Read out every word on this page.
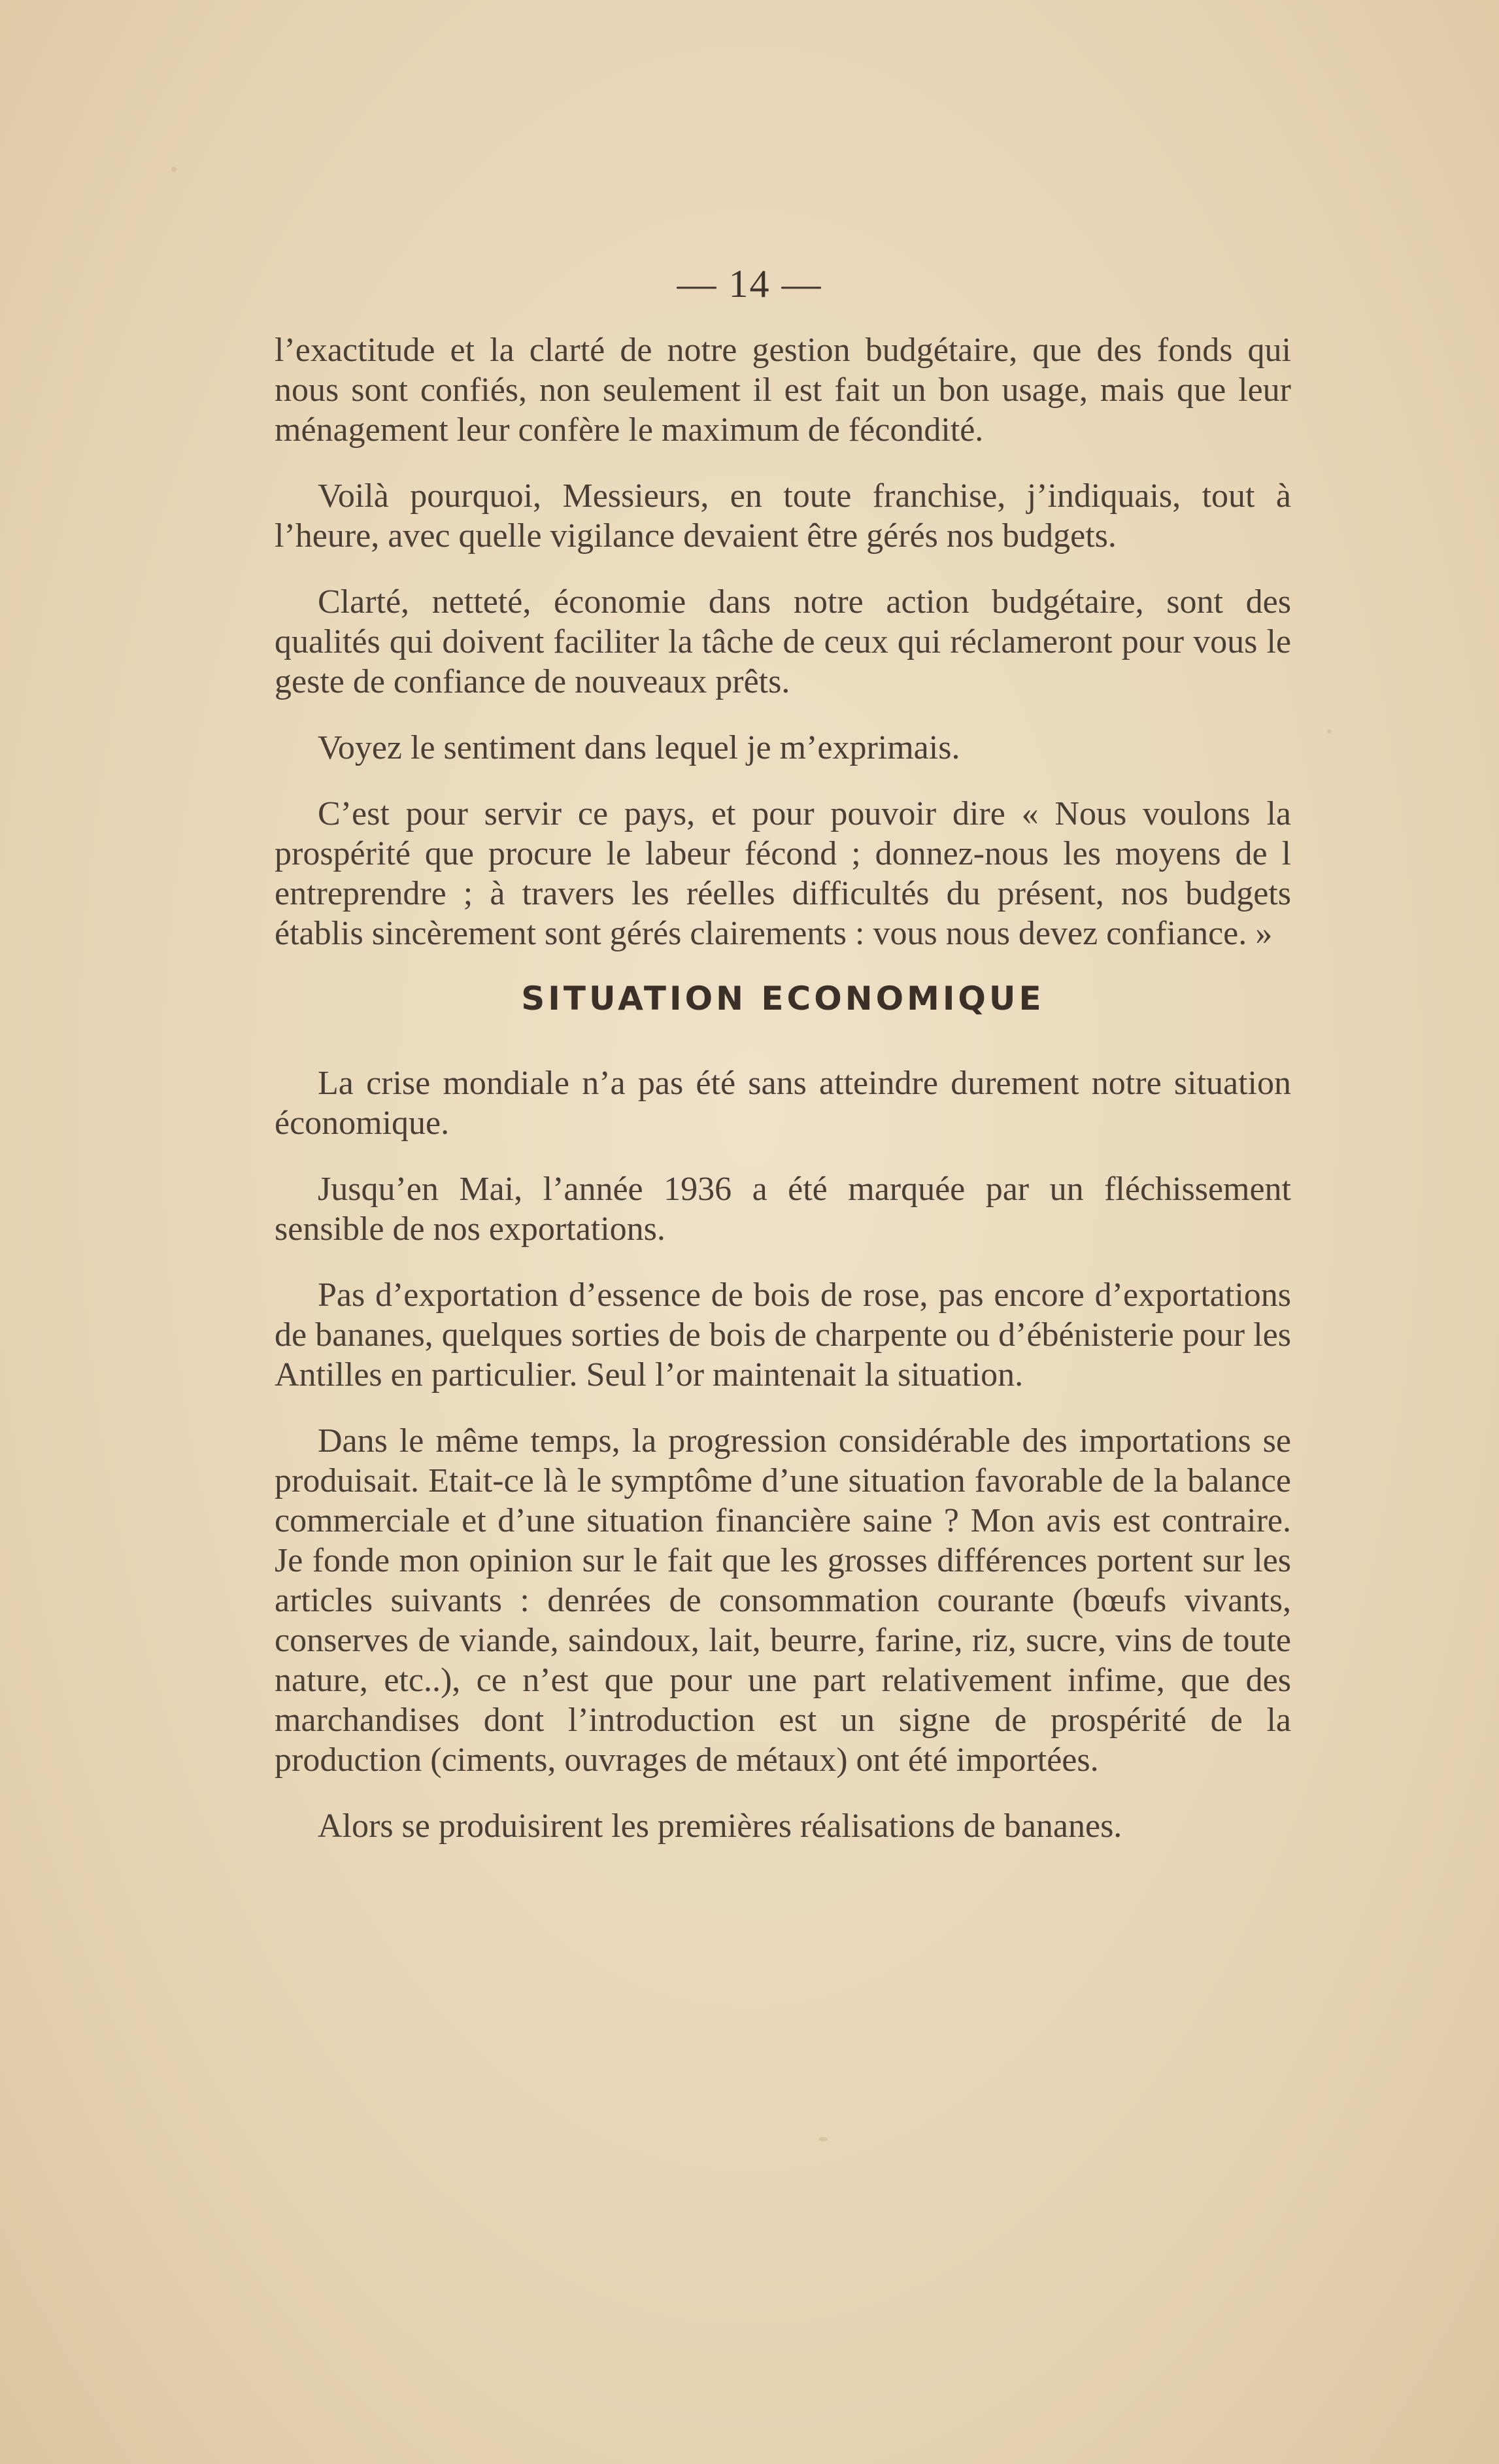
— 14 —

l’exactitude et la clarté de notre gestion budgétaire, que des fonds qui nous sont confiés, non seulement il est fait un bon usage, mais que leur ménagement leur confère le maximum de fécondité.

Voilà pourquoi, Messieurs, en toute franchise, j’indiquais, tout à l’heure, avec quelle vigilance devaient être gérés nos budgets.

Clarté, netteté, économie dans notre action budgétaire, sont des qualités qui doivent faciliter la tâche de ceux qui réclameront pour vous le geste de confiance de nouveaux prêts.

Voyez le sentiment dans lequel je m’exprimais.

C’est pour servir ce pays, et pour pouvoir dire « Nous voulons la prospérité que procure le labeur fécond ; donnez-nous les moyens de l entreprendre ; à travers les réelles difficultés du présent, nos budgets établis sincèrement sont gérés clairements : vous nous devez confiance. »

SITUATION ECONOMIQUE

La crise mondiale n’a pas été sans atteindre durement notre situation économique.

Jusqu’en Mai, l’année 1936 a été marquée par un fléchissement sensible de nos exportations.

Pas d’exportation d’essence de bois de rose, pas encore d’exportations de bananes, quelques sorties de bois de charpente ou d’ébénisterie pour les Antilles en particulier. Seul l’or maintenait la situation.

Dans le même temps, la progression considérable des importations se produisait. Etait-ce là le symptôme d’une situation favorable de la balance commerciale et d’une situation financière saine ? Mon avis est contraire. Je fonde mon opinion sur le fait que les grosses différences portent sur les articles suivants : denrées de consommation courante (bœufs vivants, conserves de viande, saindoux, lait, beurre, farine, riz, sucre, vins de toute nature, etc..), ce n’est que pour une part relativement infime, que des marchandises dont l’introduction est un signe de prospérité de la production (ciments, ouvrages de métaux) ont été importées.

Alors se produisirent les premières réalisations de bananes.
